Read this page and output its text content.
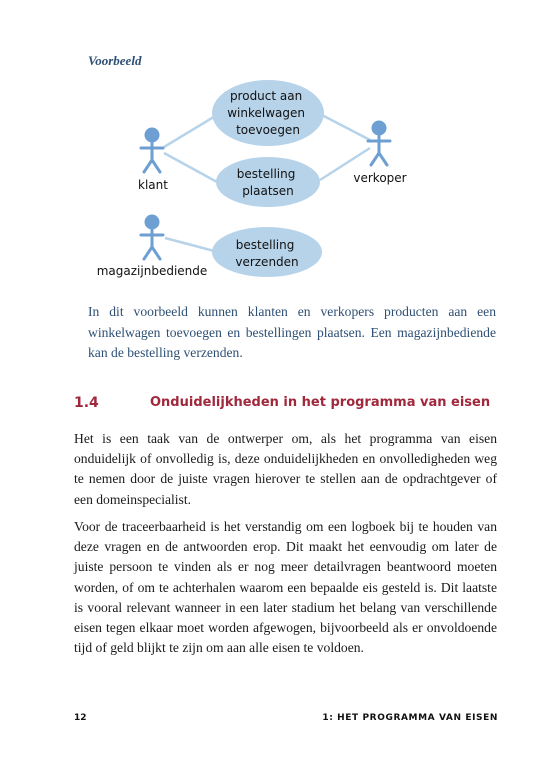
Voorbeeld
product aan winkelwagen toevoegen
bestelling plaatsen
bestelling verzenden
klant	verkoper
magazijnbediende
In dit voorbeeld kunnen klanten en verkopers producten aan een winkelwagen toevoegen en bestellingen plaatsen. Een magazijnbediende kan de bestelling verzenden.
1.4	Onduidelijkheden in het programma van eisen
Het is een taak van de ontwerper om, als het programma van eisen onduidelijk of onvolledig is, deze onduidelijkheden en onvolledigheden weg te nemen door de juiste vragen hierover te stellen aan de opdrachtgever of een domeinspecialist.
Voor de traceerbaarheid is het verstandig om een logboek bij te houden van deze vragen en de antwoorden erop. Dit maakt het eenvoudig om later de juiste persoon te vinden als er nog meer detailvragen beantwoord moeten worden, of om te achterhalen waarom een bepaalde eis gesteld is. Dit laatste is vooral relevant wanneer in een later stadium het belang van verschillende eisen tegen elkaar moet worden afgewogen, bijvoorbeeld als er onvoldoende tijd of geld blijkt te zijn om aan alle eisen te voldoen.
12	1: HET PROGRAMMA VAN EISEN
